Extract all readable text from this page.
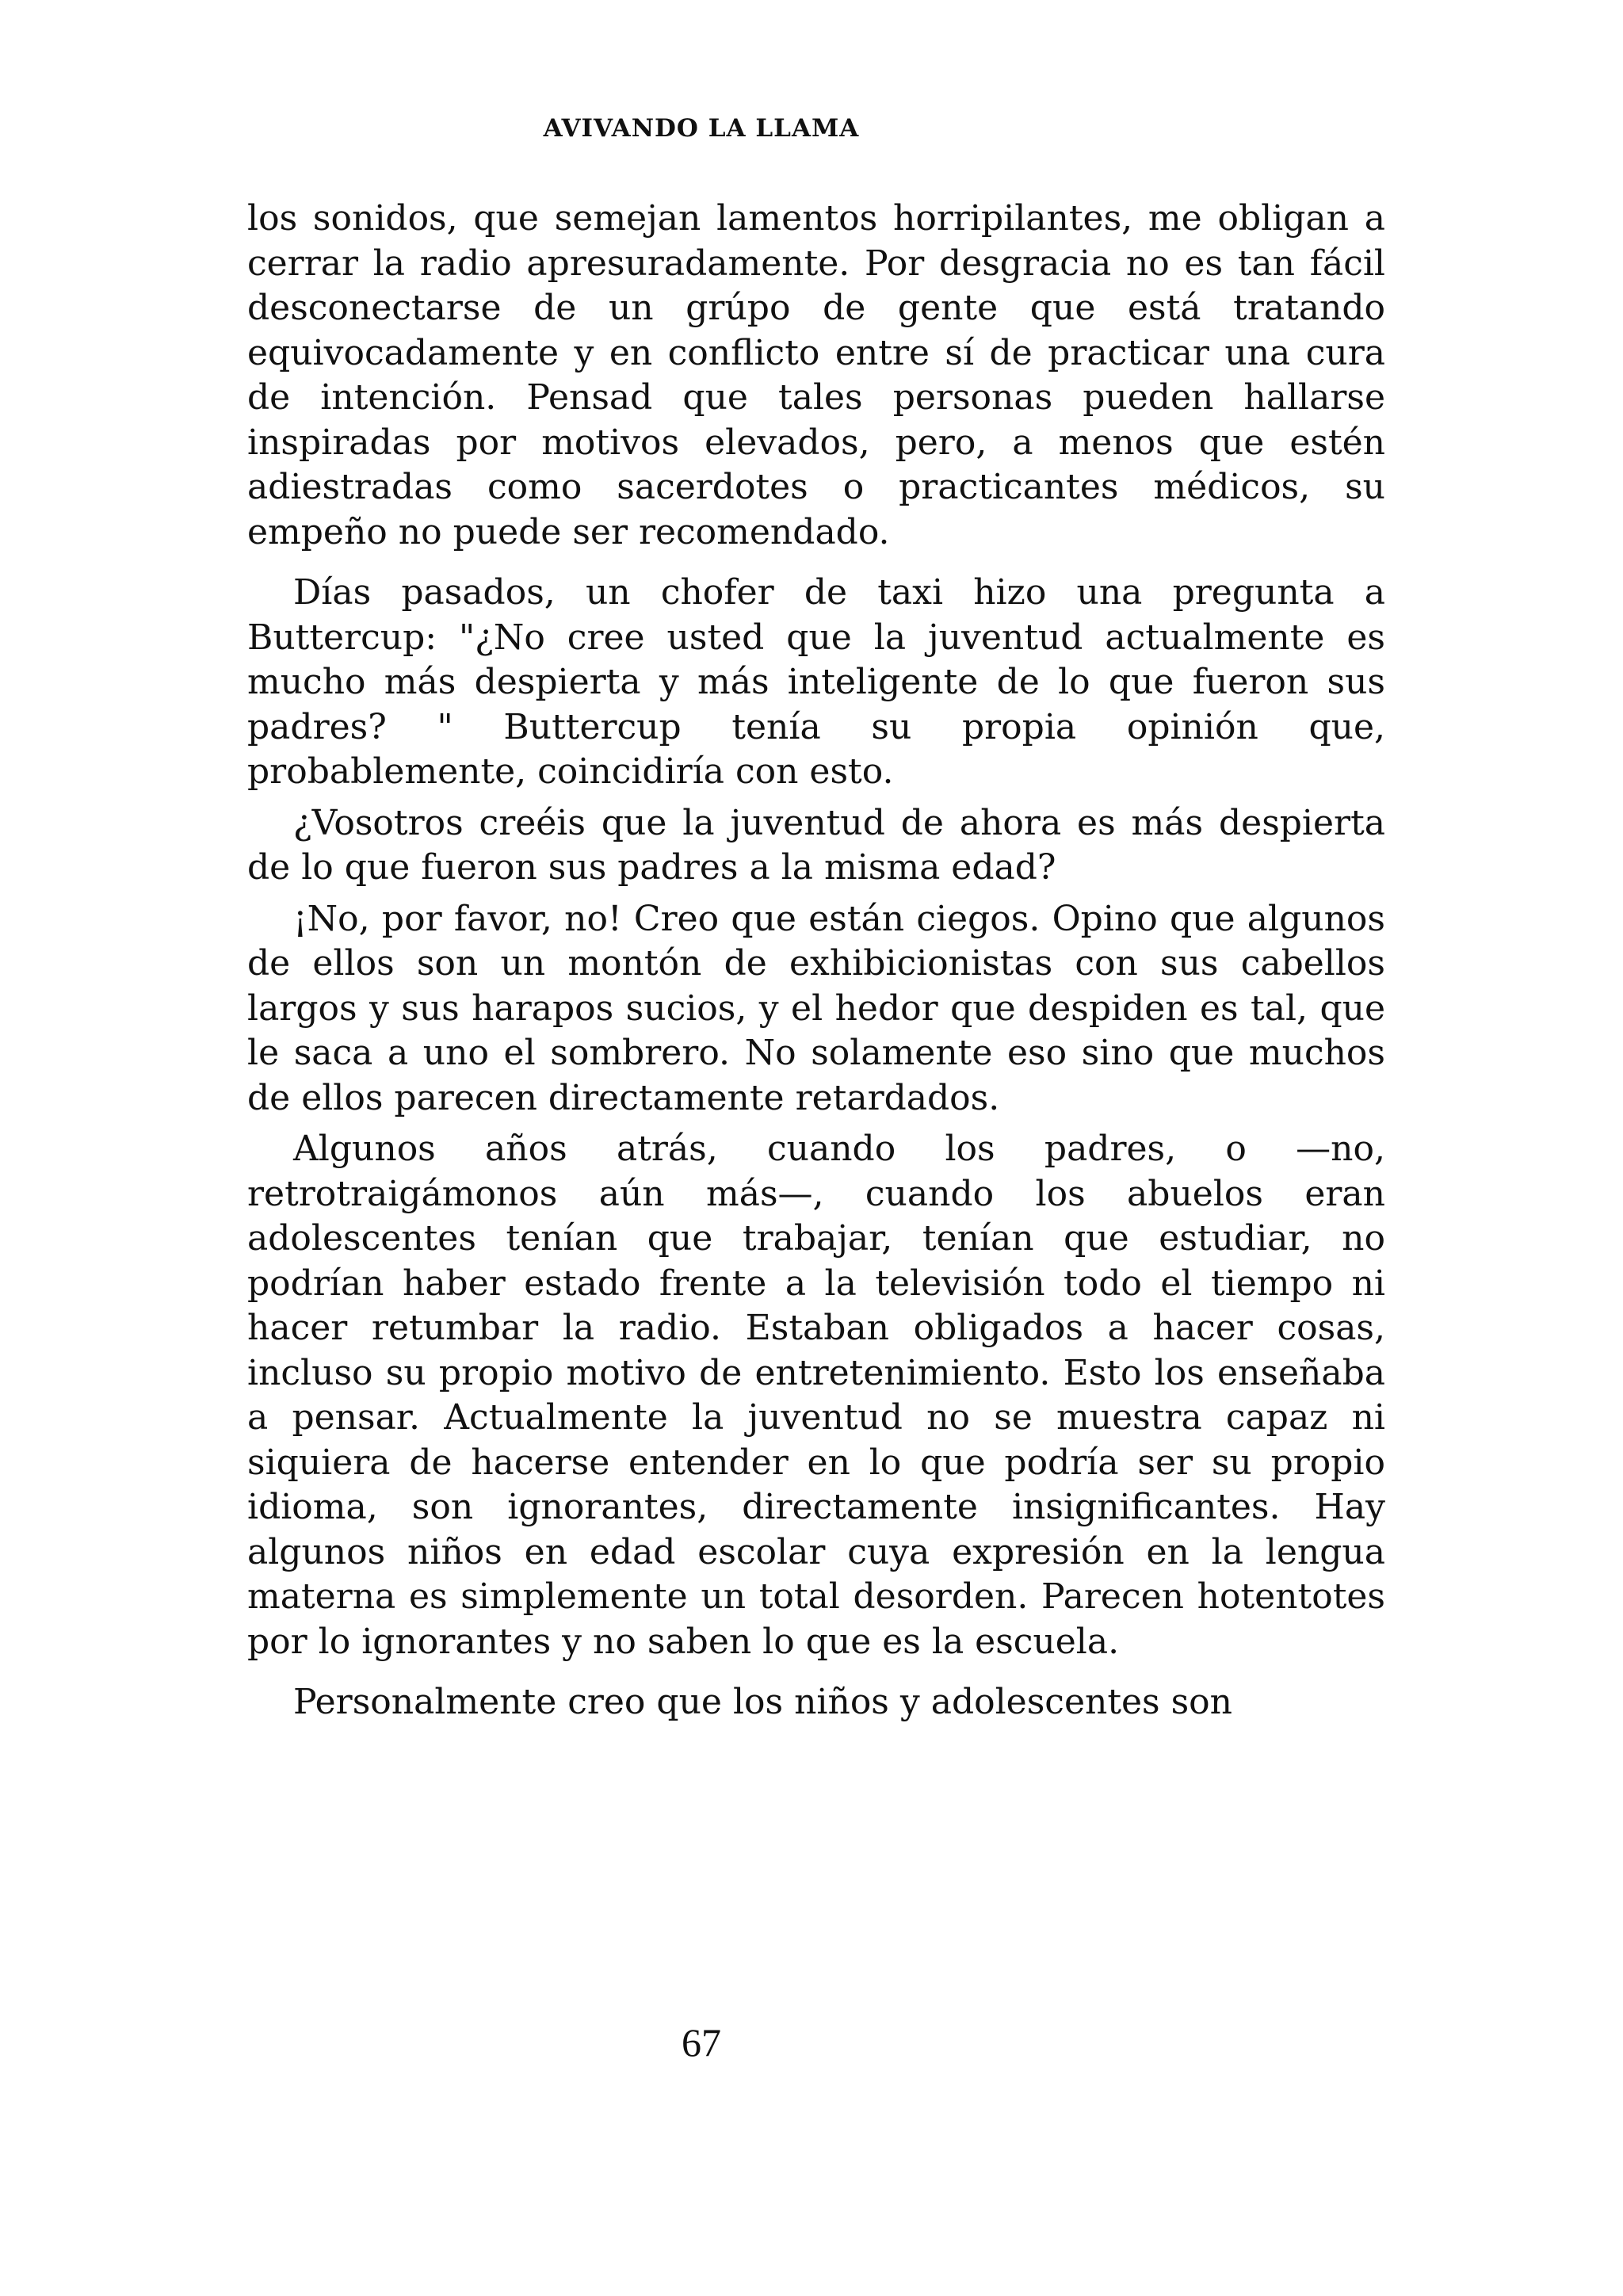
AVIVANDO LA LLAMA

los sonidos, que semejan lamentos horripilantes, me obligan a cerrar la radio apresuradamente. Por desgracia no es tan fácil desconectarse de un grúpo de gente que está tratando equivocadamente y en conflicto entre sí de practicar una cura de intención. Pensad que tales personas pueden hallarse inspiradas por motivos elevados, pero, a menos que estén adiestradas como sacerdotes o practicantes médicos, su empeño no puede ser recomendado.

Días pasados, un chofer de taxi hizo una pregunta a Buttercup: "¿No cree usted que la juventud actualmente es mucho más despierta y más inteligente de lo que fueron sus padres? " Buttercup tenía su propia opinión que, probablemente, coincidiría con esto.

¿Vosotros creéis que la juventud de ahora es más despierta de lo que fueron sus padres a la misma edad?

¡No, por favor, no! Creo que están ciegos. Opino que algunos de ellos son un montón de exhibicionistas con sus cabellos largos y sus harapos sucios, y el hedor que despiden es tal, que le saca a uno el sombrero. No solamente eso sino que muchos de ellos parecen directamente retardados.

Algunos años atrás, cuando los padres, o —no, retrotraigámonos aún más—, cuando los abuelos eran adolescentes tenían que trabajar, tenían que estudiar, no podrían haber estado frente a la televisión todo el tiempo ni hacer retumbar la radio. Estaban obligados a hacer cosas, incluso su propio motivo de entretenimiento. Esto los enseñaba a pensar. Actualmente la juventud no se muestra capaz ni siquiera de hacerse entender en lo que podría ser su propio idioma, son ignorantes, directamente insignificantes. Hay algunos niños en edad escolar cuya expresión en la lengua materna es simplemente un total desorden. Parecen hotentotes por lo ignorantes y no saben lo que es la escuela.

Personalmente creo que los niños y adolescentes son

67
